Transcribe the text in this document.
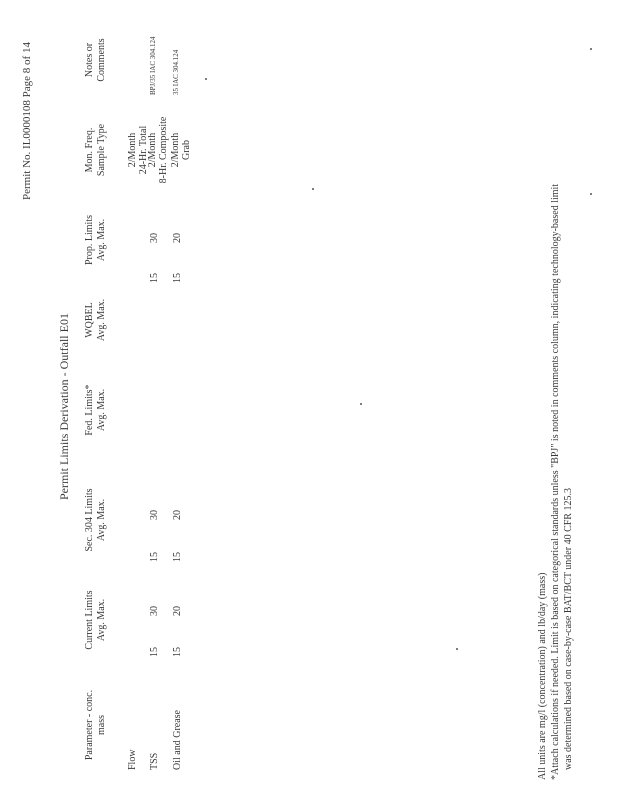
Permit No. IL0000108 Page 8 of 14
Permit Limits Derivation - Outfall E01
Parameter - conc. mass
Current Limits Avg. Max.
Sec. 304 Limits Avg. Max.
Fed. Limits* Avg. Max.
WQBEL Avg. Max.
Prop. Limits Avg. Max.
Mon. Freq. Sample Type
Notes or Comments
Flow
2/Month 24-Hr. Total
TSS
15
30
15
30
15
30
2/Month 8-Hr. Composite
BPJ/35 IAC 304.124
Oil and Grease
15
20
15
20
15
20
2/Month Grab
35 IAC 304.124
All units are mg/l (concentration) and lb/day (mass) *Attach calculations if needed. Limit is based on categorical standards unless "BPJ" is noted in comments column, indicating technology-based limit was determined based on case-by-case BAT/BCT under 40 CFR 125.3
